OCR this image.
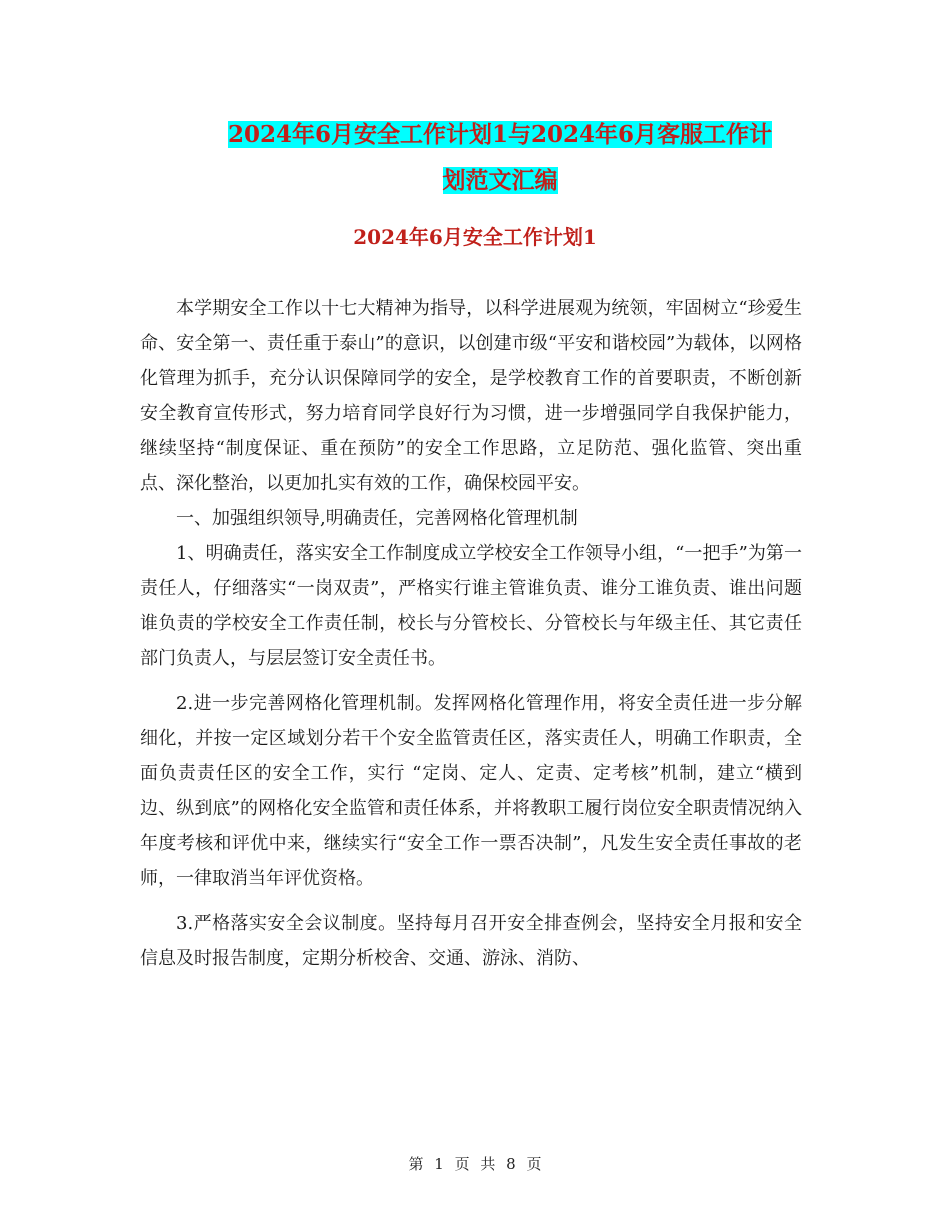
2024年6月安全工作计划1与2024年6月客服工作计
划范文汇编
2024年6月安全工作计划1

本学期安全工作以十七大精神为指导，以科学进展观为统领，牢固树立“珍爱生命、安全第一、责任重于泰山”的意识，以创建市级“平安和谐校园”为载体，以网格化管理为抓手，充分认识保障同学的安全，是学校教育工作的首要职责，不断创新安全教育宣传形式，努力培育同学良好行为习惯，进一步增强同学自我保护能力，继续坚持“制度保证、重在预防”的安全工作思路，立足防范、强化监管、突出重点、深化整治，以更加扎实有效的工作，确保校园平安。

一、加强组织领导,明确责任，完善网格化管理机制

1、明确责任，落实安全工作制度成立学校安全工作领导小组，“一把手”为第一责任人，仔细落实“一岗双责”，严格实行谁主管谁负责、谁分工谁负责、谁出问题谁负责的学校安全工作责任制，校长与分管校长、分管校长与年级主任、其它责任部门负责人，与层层签订安全责任书。

2.进一步完善网格化管理机制。发挥网格化管理作用，将安全责任进一步分解细化，并按一定区域划分若干个安全监管责任区，落实责任人，明确工作职责，全面负责责任区的安全工作，实行 “定岗、定人、定责、定考核”机制，建立“横到边、纵到底”的网格化安全监管和责任体系，并将教职工履行岗位安全职责情况纳入年度考核和评优中来，继续实行“安全工作一票否决制”，凡发生安全责任事故的老师，一律取消当年评优资格。

3.严格落实安全会议制度。坚持每月召开安全排查例会，坚持安全月报和安全信息及时报告制度，定期分析校舍、交通、游泳、消防、

第 1 页 共 8 页
